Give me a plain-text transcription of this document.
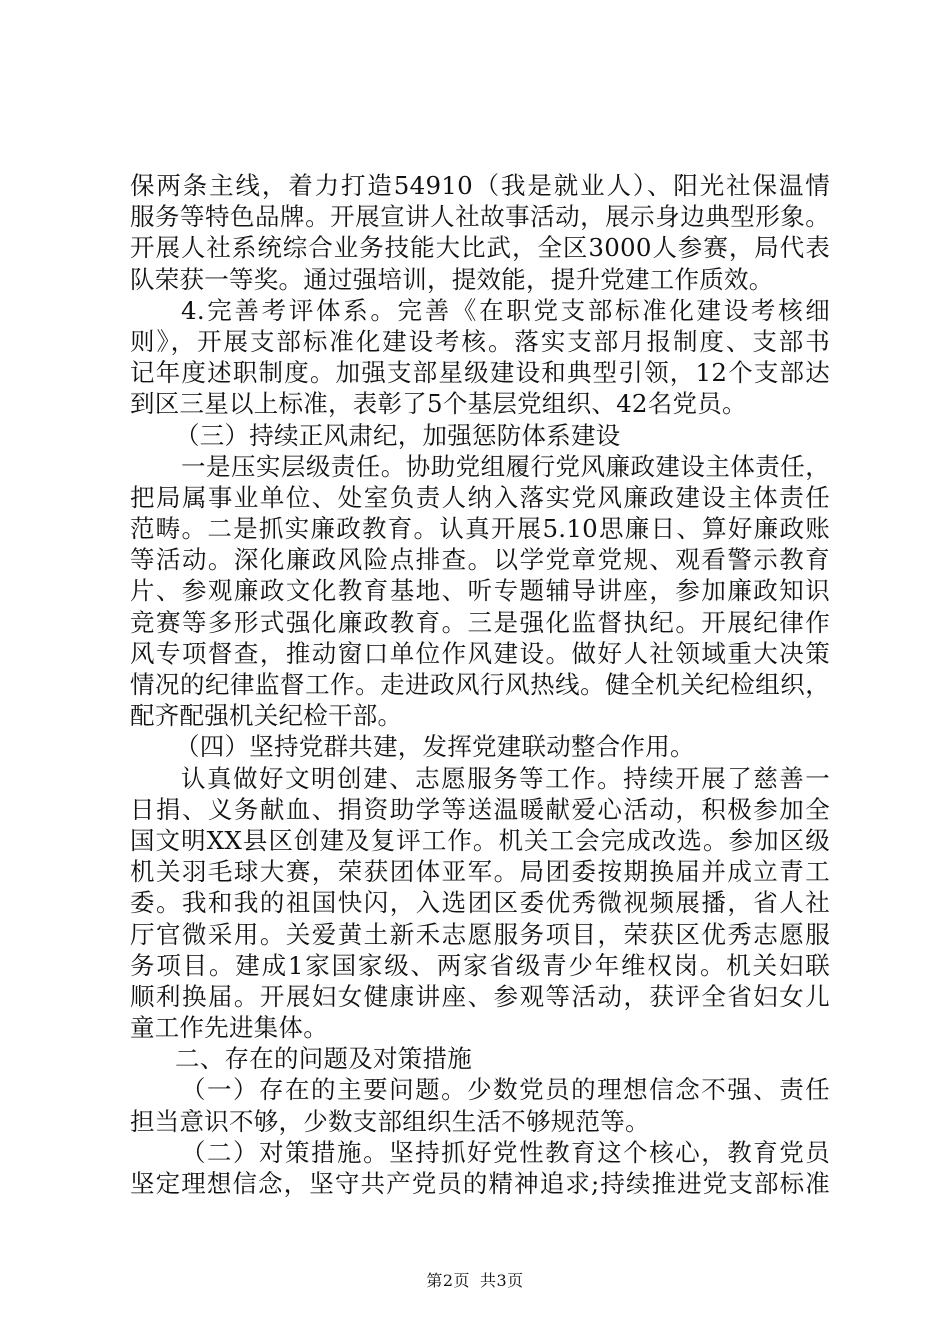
保两条主线，着力打造54910（我是就业人）、阳光社保温情
服务等特色品牌。开展宣讲人社故事活动，展示身边典型形象。
开展人社系统综合业务技能大比武，全区3000人参赛，局代表
队荣获一等奖。通过强培训，提效能，提升党建工作质效。
4.完善考评体系。完善《在职党支部标准化建设考核细
则》，开展支部标准化建设考核。落实支部月报制度、支部书
记年度述职制度。加强支部星级建设和典型引领，12个支部达
到区三星以上标准，表彰了5个基层党组织、42名党员。
（三）持续正风肃纪，加强惩防体系建设
一是压实层级责任。协助党组履行党风廉政建设主体责任，
把局属事业单位、处室负责人纳入落实党风廉政建设主体责任
范畴。二是抓实廉政教育。认真开展5.10思廉日、算好廉政账
等活动。深化廉政风险点排查。以学党章党规、观看警示教育
片、参观廉政文化教育基地、听专题辅导讲座，参加廉政知识
竞赛等多形式强化廉政教育。三是强化监督执纪。开展纪律作
风专项督查，推动窗口单位作风建设。做好人社领域重大决策
情况的纪律监督工作。走进政风行风热线。健全机关纪检组织，
配齐配强机关纪检干部。
（四）坚持党群共建，发挥党建联动整合作用。
认真做好文明创建、志愿服务等工作。持续开展了慈善一
日捐、义务献血、捐资助学等送温暖献爱心活动，积极参加全
国文明XX县区创建及复评工作。机关工会完成改选。参加区级
机关羽毛球大赛，荣获团体亚军。局团委按期换届并成立青工
委。我和我的祖国快闪，入选团区委优秀微视频展播，省人社
厅官微采用。关爱黄土新禾志愿服务项目，荣获区优秀志愿服
务项目。建成1家国家级、两家省级青少年维权岗。机关妇联
顺利换届。开展妇女健康讲座、参观等活动，获评全省妇女儿
童工作先进集体。
二、存在的问题及对策措施
（一）存在的主要问题。少数党员的理想信念不强、责任
担当意识不够，少数支部组织生活不够规范等。
（二）对策措施。坚持抓好党性教育这个核心，教育党员
坚定理想信念，坚守共产党员的精神追求;持续推进党支部标准
第2页 共3页
